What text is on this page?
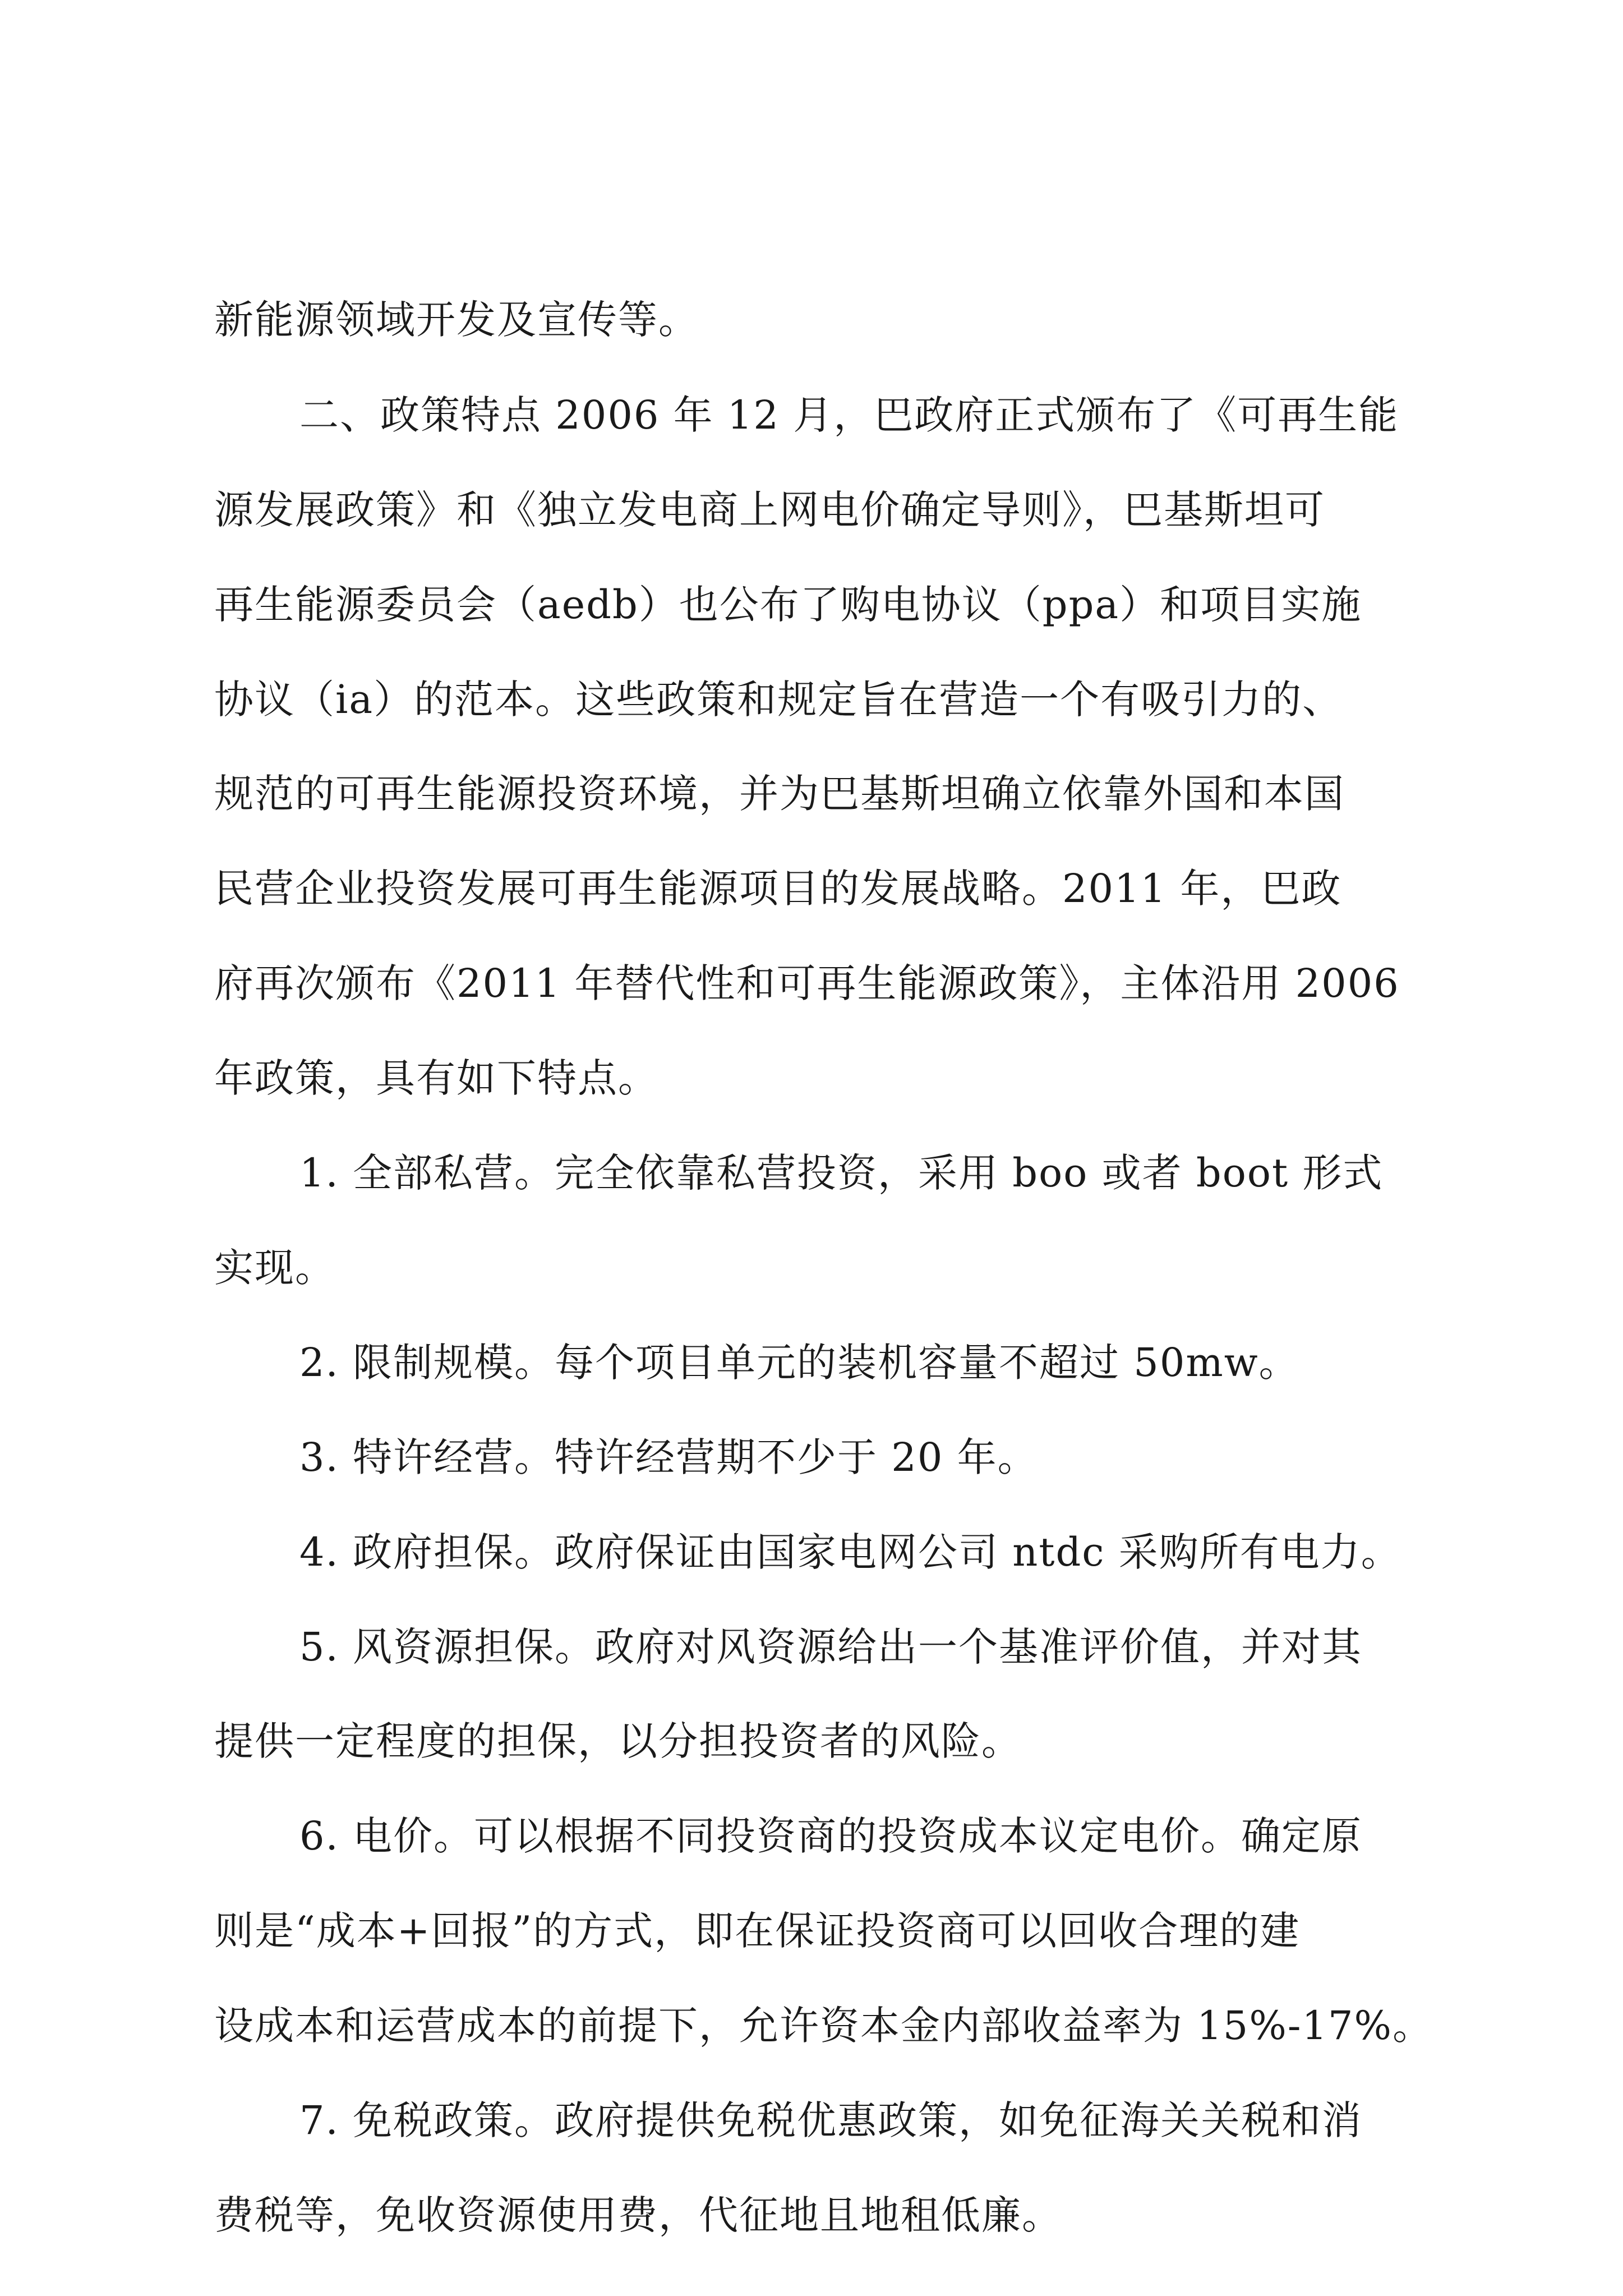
新能源领域开发及宣传等。
二、政策特点 2006 年 12 月，巴政府正式颁布了《可再生能
源发展政策》和《独立发电商上网电价确定导则》，巴基斯坦可
再生能源委员会（aedb）也公布了购电协议（ppa）和项目实施
协议（ia）的范本。这些政策和规定旨在营造一个有吸引力的、
规范的可再生能源投资环境，并为巴基斯坦确立依靠外国和本国
民营企业投资发展可再生能源项目的发展战略。2011 年，巴政
府再次颁布《2011 年替代性和可再生能源政策》，主体沿用 2006
年政策，具有如下特点。
1. 全部私营。完全依靠私营投资，采用 boo 或者 boot 形式
实现。
2. 限制规模。每个项目单元的装机容量不超过 50mw。
3. 特许经营。特许经营期不少于 20 年。
4. 政府担保。政府保证由国家电网公司 ntdc 采购所有电力。
5. 风资源担保。政府对风资源给出一个基准评价值，并对其
提供一定程度的担保，以分担投资者的风险。
6. 电价。可以根据不同投资商的投资成本议定电价。确定原
则是“成本+回报”的方式，即在保证投资商可以回收合理的建
设成本和运营成本的前提下，允许资本金内部收益率为 15%-17%。
7. 免税政策。政府提供免税优惠政策，如免征海关关税和消
费税等，免收资源使用费，代征地且地租低廉。
